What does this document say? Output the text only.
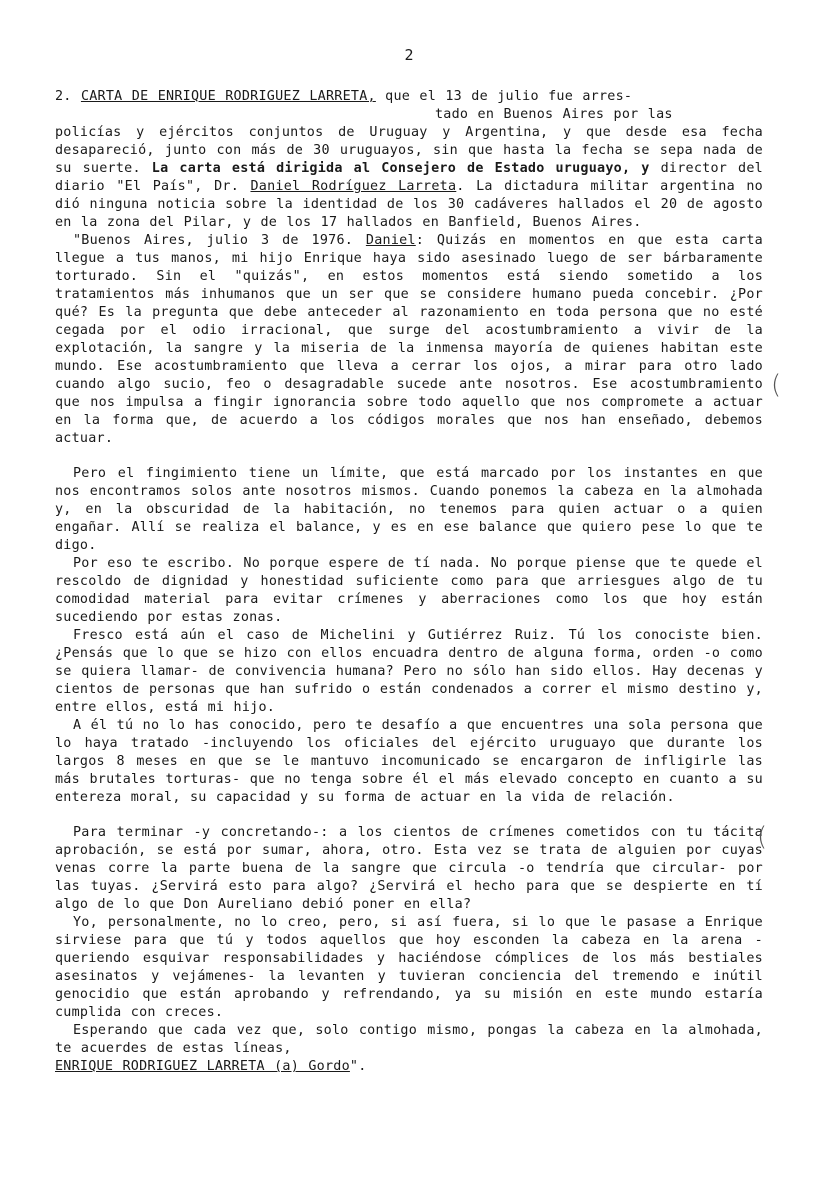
2

2. CARTA DE ENRIQUE RODRIGUEZ LARRETA, que el 13 de julio fue arres-

tado en Buenos Aires por las

policías y ejércitos conjuntos de Uruguay y Argentina, y que desde esa fecha desapareció, junto con más de 30 uruguayos, sin que hasta la fecha se sepa nada de su suerte. La carta está dirigida al Consejero de Estado uruguayo, y director del diario "El País", Dr. Daniel Rodríguez Larreta. La dictadura militar argentina no dió ninguna noticia sobre la identidad de los 30 cadáveres hallados el 20 de agosto en la zona del Pilar, y de los 17 hallados en Banfield, Buenos Aires.

"Buenos Aires, julio 3 de 1976. Daniel: Quizás en momentos en que esta carta llegue a tus manos, mi hijo Enrique haya sido asesinado luego de ser bárbaramente torturado. Sin el "quizás", en estos momentos está siendo sometido a los tratamientos más inhumanos que un ser que se considere humano pueda concebir. ¿Por qué? Es la pregunta que debe anteceder al razonamiento en toda persona que no esté cegada por el odio irracional, que surge del acostumbramiento a vivir de la explotación, la sangre y la miseria de la inmensa mayoría de quienes habitan este mundo. Ese acostumbramiento que lleva a cerrar los ojos, a mirar para otro lado cuando algo sucio, feo o desagradable sucede ante nosotros. Ese acostumbramiento que nos impulsa a fingir ignorancia sobre todo aquello que nos compromete a actuar en la forma que, de acuerdo a los códigos morales que nos han enseñado, debemos actuar.

Pero el fingimiento tiene un límite, que está marcado por los instantes en que nos encontramos solos ante nosotros mismos. Cuando ponemos la cabeza en la almohada y, en la obscuridad de la habitación, no tenemos para quien actuar o a quien engañar. Allí se realiza el balance, y es en ese balance que quiero pese lo que te digo.

Por eso te escribo. No porque espere de tí nada. No porque piense que te quede el rescoldo de dignidad y honestidad suficiente como para que arriesgues algo de tu comodidad material para evitar crímenes y aberraciones como los que hoy están sucediendo por estas zonas.

Fresco está aún el caso de Michelini y Gutiérrez Ruiz. Tú los conociste bien. ¿Pensás que lo que se hizo con ellos encuadra dentro de alguna forma, orden -o como se quiera llamar- de convivencia humana? Pero no sólo han sido ellos. Hay decenas y cientos de personas que han sufrido o están condenados a correr el mismo destino y, entre ellos, está mi hijo.

A él tú no lo has conocido, pero te desafío a que encuentres una sola persona que lo haya tratado -incluyendo los oficiales del ejército uruguayo que durante los largos 8 meses en que se le mantuvo incomunicado se encargaron de infligirle las más brutales torturas- que no tenga sobre él el más elevado concepto en cuanto a su entereza moral, su capacidad y su forma de actuar en la vida de relación.

Para terminar -y concretando-: a los cientos de crímenes cometidos con tu tácita aprobación, se está por sumar, ahora, otro. Esta vez se trata de alguien por cuyas venas corre la parte buena de la sangre que circula -o tendría que circular- por las tuyas. ¿Servirá esto para algo? ¿Servirá el hecho para que se despierte en tí algo de lo que Don Aureliano debió poner en ella?

Yo, personalmente, no lo creo, pero, si así fuera, si lo que le pasase a Enrique sirviese para que tú y todos aquellos que hoy esconden la cabeza en la arena -queriendo esquivar responsabilidades y haciéndose cómplices de los más bestiales asesinatos y vejámenes- la levanten y tuvieran conciencia del tremendo e inútil genocidio que están aprobando y refrendando, ya su misión en este mundo estaría cumplida con creces.

Esperando que cada vez que, solo contigo mismo, pongas la cabeza en la almohada, te acuerdes de estas líneas,

ENRIQUE RODRIGUEZ LARRETA (a) Gordo".

(
(
